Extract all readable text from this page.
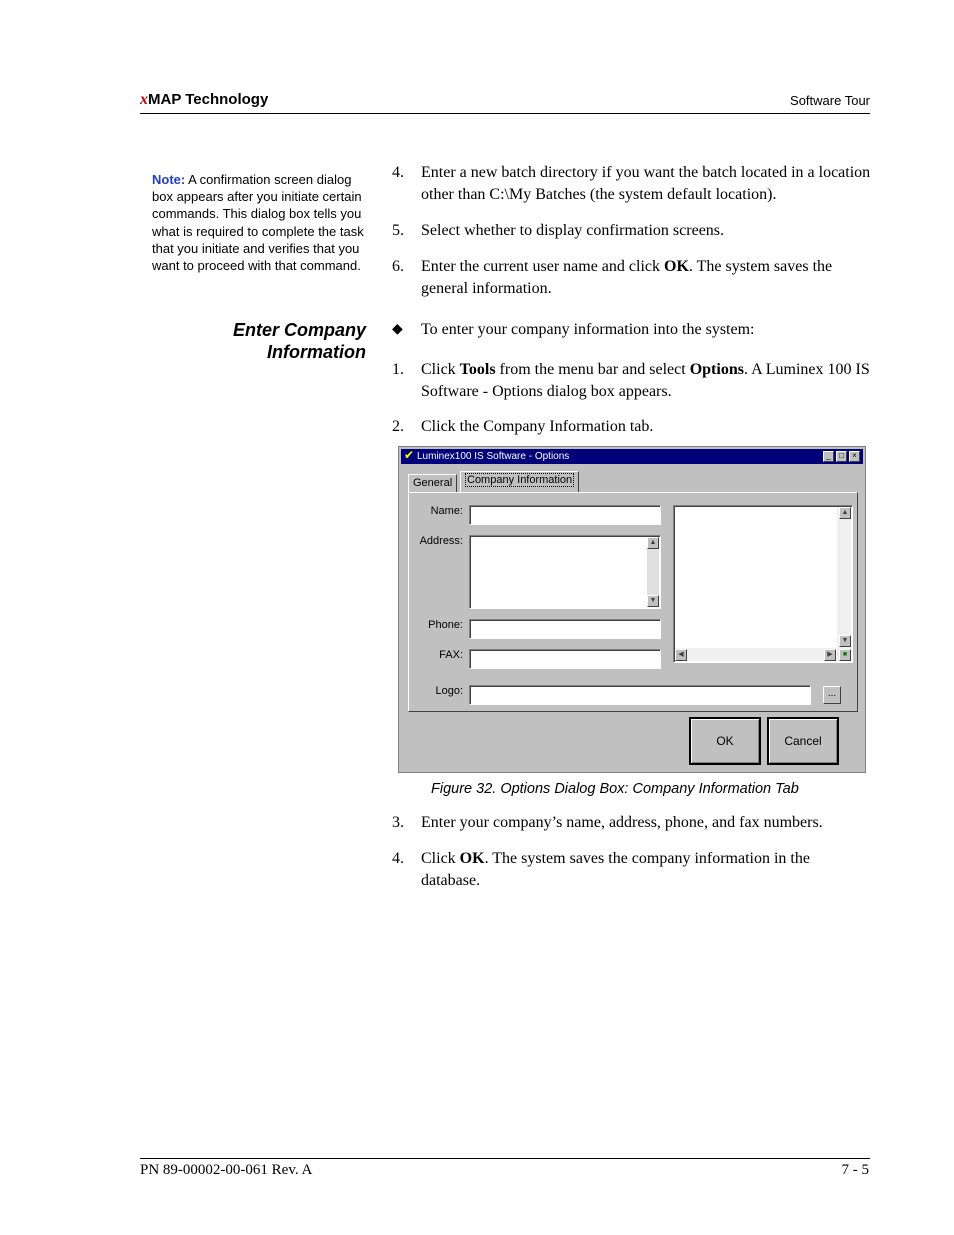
xMAP Technology	Software Tour
Note: A confirmation screen dialog box appears after you initiate certain commands. This dialog box tells you what is required to complete the task that you initiate and verifies that you want to proceed with that command.
Enter Company
Information
4.	Enter a new batch directory if you want the batch located in a location other than C:\My Batches (the system default location).
5.	Select whether to display confirmation screens.
6.	Enter the current user name and click OK. The system saves the general information.
◆	To enter your company information into the system:
1.	Click Tools from the menu bar and select Options. A Luminex 100 IS Software - Options dialog box appears.
2.	Click the Company Information tab.
✔ Luminex100 IS Software - Options	_	□	×
General	Company Information
Name:
Address:
Phone:
FAX:
Logo:
▲
▼
...
▲
▼
◀	▶	■
OK	Cancel
Figure 32. Options Dialog Box: Company Information Tab
3.	Enter your company’s name, address, phone, and fax numbers.
4.	Click OK. The system saves the company information in the database.
PN 89-00002-00-061 Rev. A	7 - 5
